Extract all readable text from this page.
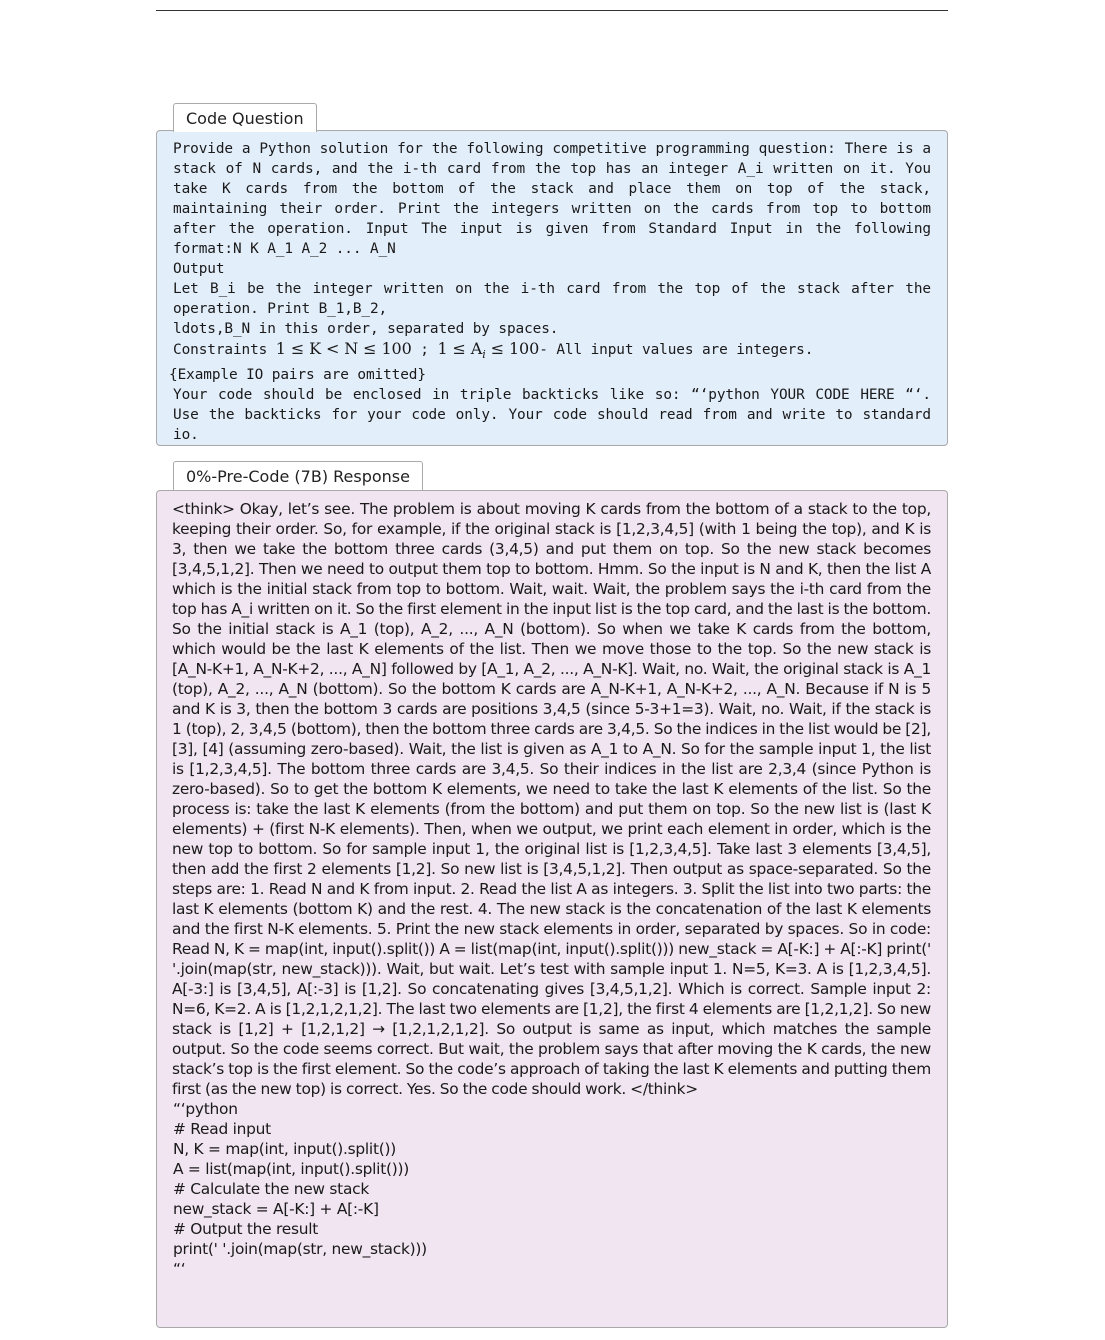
Code Question

Provide a Python solution for the following competitive programming question: There is a stack of N cards, and the i-th card from the top has an integer A_i written on it. You take K cards from the bottom of the stack and place them on top of the stack, maintaining their order. Print the integers written on the cards from top to bottom after the operation. Input The input is given from Standard Input in the following format:N K A_1 A_2 ... A_N

Output

Let B_i be the integer written on the i-th card from the top of the stack after the operation. Print B_1,B_2,

ldots,B_N in this order, separated by spaces.

Constraints 1 ≤ K < N ≤ 100 ; $1 \le A_i \le 100-$ All input values are integers.

{Example IO pairs are omitted}

Your code should be enclosed in triple backticks like so: “‘python YOUR CODE HERE “‘. Use the backticks for your code only. Your code should read from and write to standard io.

0%-Pre-Code (7B) Response

<think> Okay, let’s see. The problem is about moving K cards from the bottom of a stack to the top, keeping their order. So, for example, if the original stack is [1,2,3,4,5] (with 1 being the top), and K is 3, then we take the bottom three cards (3,4,5) and put them on top. So the new stack becomes [3,4,5,1,2]. Then we need to output them top to bottom. Hmm. So the input is N and K, then the list A which is the initial stack from top to bottom. Wait, wait. Wait, the problem says the i-th card from the top has A_i written on it. So the first element in the input list is the top card, and the last is the bottom. So the initial stack is A_1 (top), A_2, ..., A_N (bottom). So when we take K cards from the bottom, which would be the last K elements of the list. Then we move those to the top. So the new stack is [A_N-K+1, A_N-K+2, ..., A_N] followed by [A_1, A_2, ..., A_N-K]. Wait, no. Wait, the original stack is A_1 (top), A_2, ..., A_N (bottom). So the bottom K cards are A_N-K+1, A_N-K+2, ..., A_N. Because if N is 5 and K is 3, then the bottom 3 cards are positions 3,4,5 (since 5-3+1=3). Wait, no. Wait, if the stack is 1 (top), 2, 3,4,5 (bottom), then the bottom three cards are 3,4,5. So the indices in the list would be [2], [3], [4] (assuming zero-based). Wait, the list is given as A_1 to A_N. So for the sample input 1, the list is [1,2,3,4,5]. The bottom three cards are 3,4,5. So their indices in the list are 2,3,4 (since Python is zero-based). So to get the bottom K elements, we need to take the last K elements of the list. So the process is: take the last K elements (from the bottom) and put them on top. So the new list is (last K elements) + (first N-K elements). Then, when we output, we print each element in order, which is the new top to bottom. So for sample input 1, the original list is [1,2,3,4,5]. Take last 3 elements [3,4,5], then add the first 2 elements [1,2]. So new list is [3,4,5,1,2]. Then output as space-separated. So the steps are: 1. Read N and K from input. 2. Read the list A as integers. 3. Split the list into two parts: the last K elements (bottom K) and the rest. 4. The new stack is the concatenation of the last K elements and the first N-K elements. 5. Print the new stack elements in order, separated by spaces. So in code: Read N, K = map(int, input().split()) A = list(map(int, input().split())) new_stack = A[-K:] + A[:-K] print(' '.join(map(str, new_stack))). Wait, but wait. Let’s test with sample input 1. N=5, K=3. A is [1,2,3,4,5]. A[-3:] is [3,4,5], A[:-3] is [1,2]. So concatenating gives [3,4,5,1,2]. Which is correct. Sample input 2: N=6, K=2. A is [1,2,1,2,1,2]. The last two elements are [1,2], the first 4 elements are [1,2,1,2]. So new stack is [1,2] + [1,2,1,2] → [1,2,1,2,1,2]. So output is same as input, which matches the sample output. So the code seems correct. But wait, the problem says that after moving the K cards, the new stack’s top is the first element. So the code’s approach of taking the last K elements and putting them first (as the new top) is correct. Yes. So the code should work. </think>

“‘python

# Read input

N, K = map(int, input().split())

A = list(map(int, input().split()))

# Calculate the new stack

new_stack = A[-K:] + A[:-K]

# Output the result

print(' '.join(map(str, new_stack)))

“‘
